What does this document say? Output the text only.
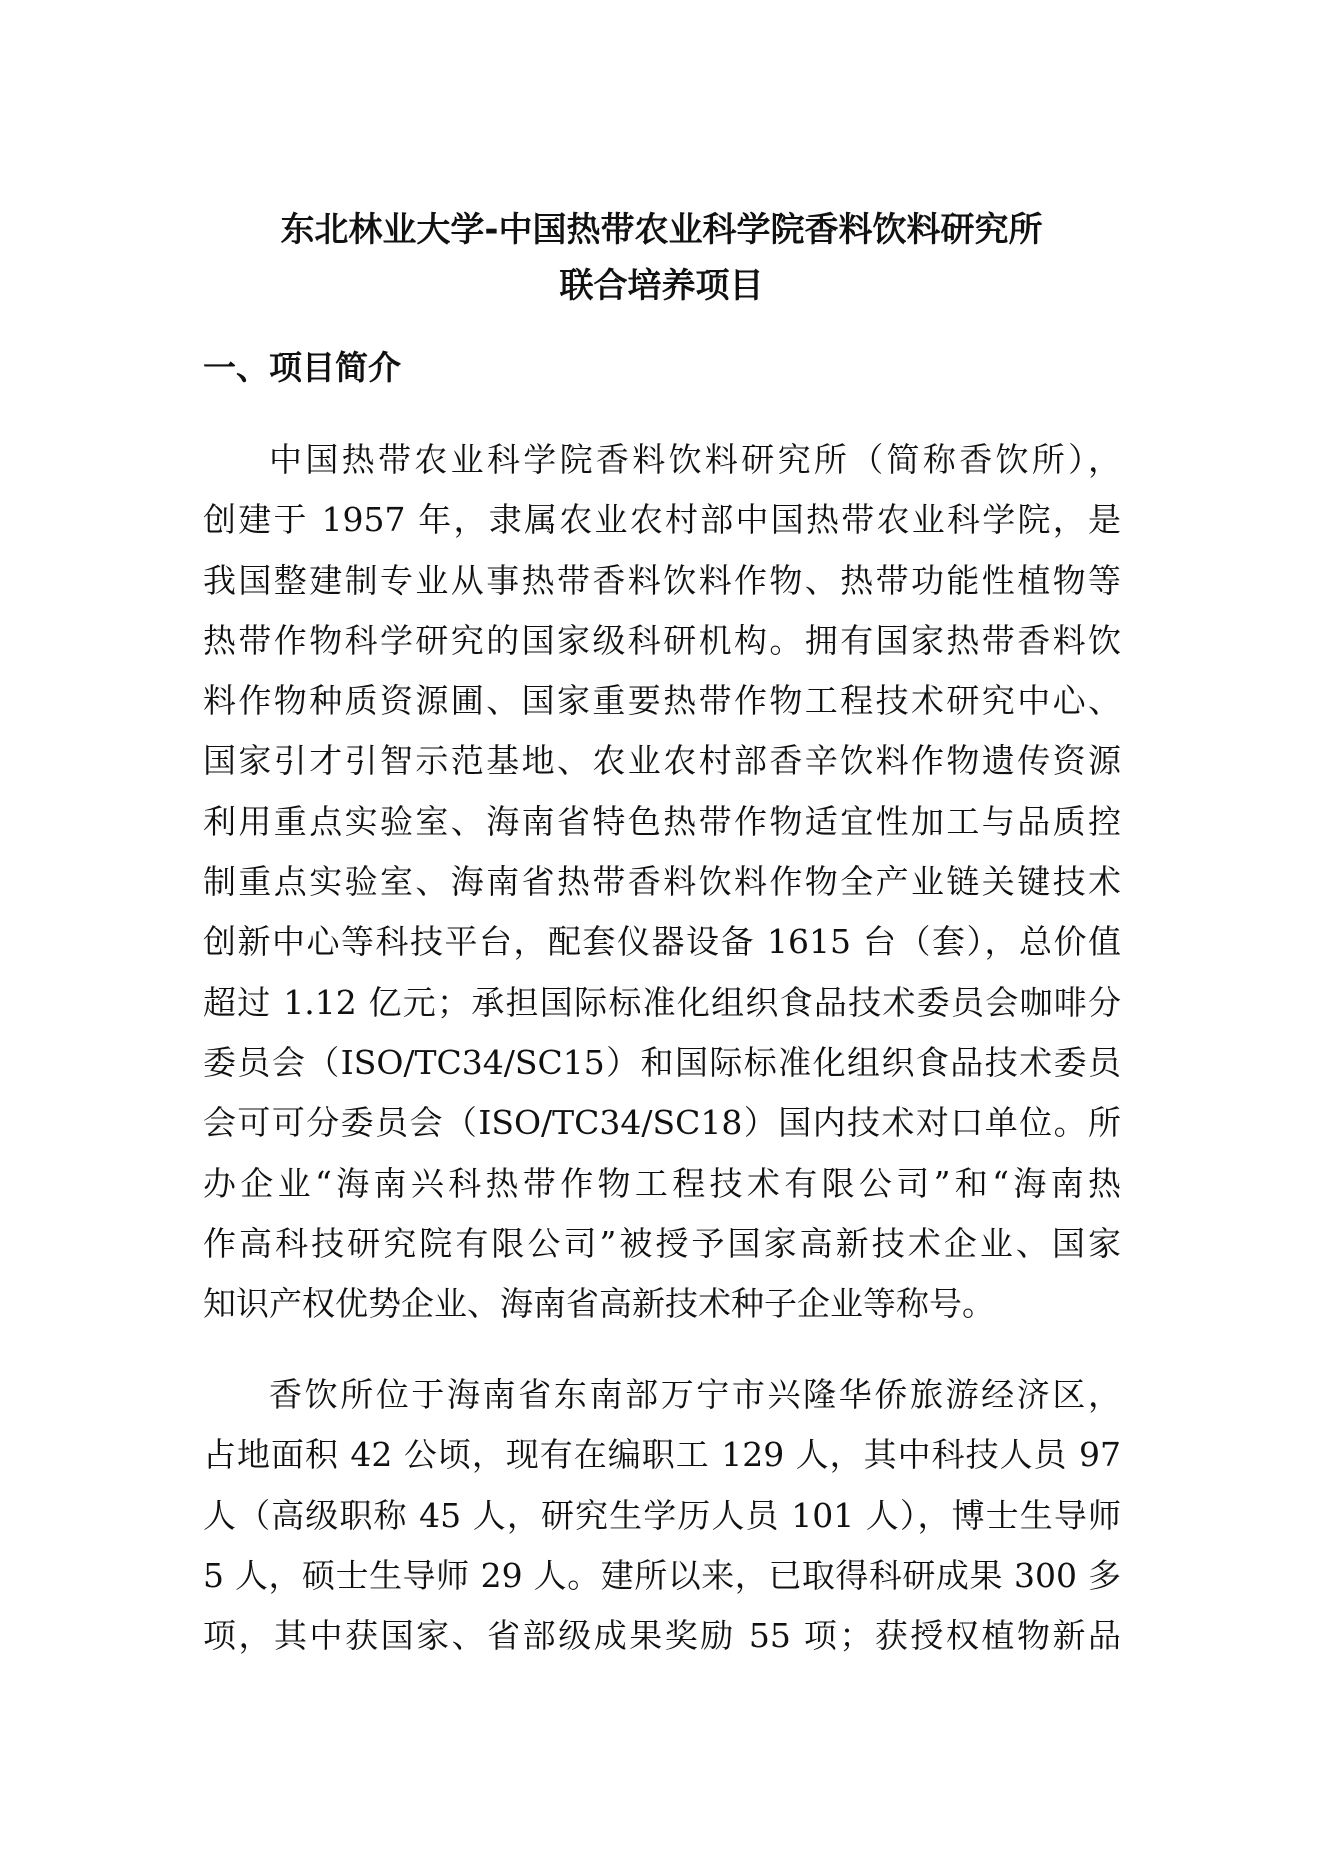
东北林业大学-中国热带农业科学院香料饮料研究所
联合培养项目
一、项目简介

中国热带农业科学院香料饮料研究所（简称香饮所），
创建于 1957 年，隶属农业农村部中国热带农业科学院，是
我国整建制专业从事热带香料饮料作物、热带功能性植物等
热带作物科学研究的国家级科研机构。拥有国家热带香料饮
料作物种质资源圃、国家重要热带作物工程技术研究中心、
国家引才引智示范基地、农业农村部香辛饮料作物遗传资源
利用重点实验室、海南省特色热带作物适宜性加工与品质控
制重点实验室、海南省热带香料饮料作物全产业链关键技术
创新中心等科技平台，配套仪器设备 1615 台（套），总价值
超过 1.12 亿元；承担国际标准化组织食品技术委员会咖啡分
委员会（ISO/TC34/SC15）和国际标准化组织食品技术委员
会可可分委员会（ISO/TC34/SC18）国内技术对口单位。所
办企业“海南兴科热带作物工程技术有限公司”和“海南热
作高科技研究院有限公司”被授予国家高新技术企业、国家
知识产权优势企业、海南省高新技术种子企业等称号。

香饮所位于海南省东南部万宁市兴隆华侨旅游经济区，
占地面积 42 公顷，现有在编职工 129 人，其中科技人员 97
人（高级职称 45 人，研究生学历人员 101 人），博士生导师
5 人，硕士生导师 29 人。建所以来，已取得科研成果 300 多
项，其中获国家、省部级成果奖励 55 项；获授权植物新品
